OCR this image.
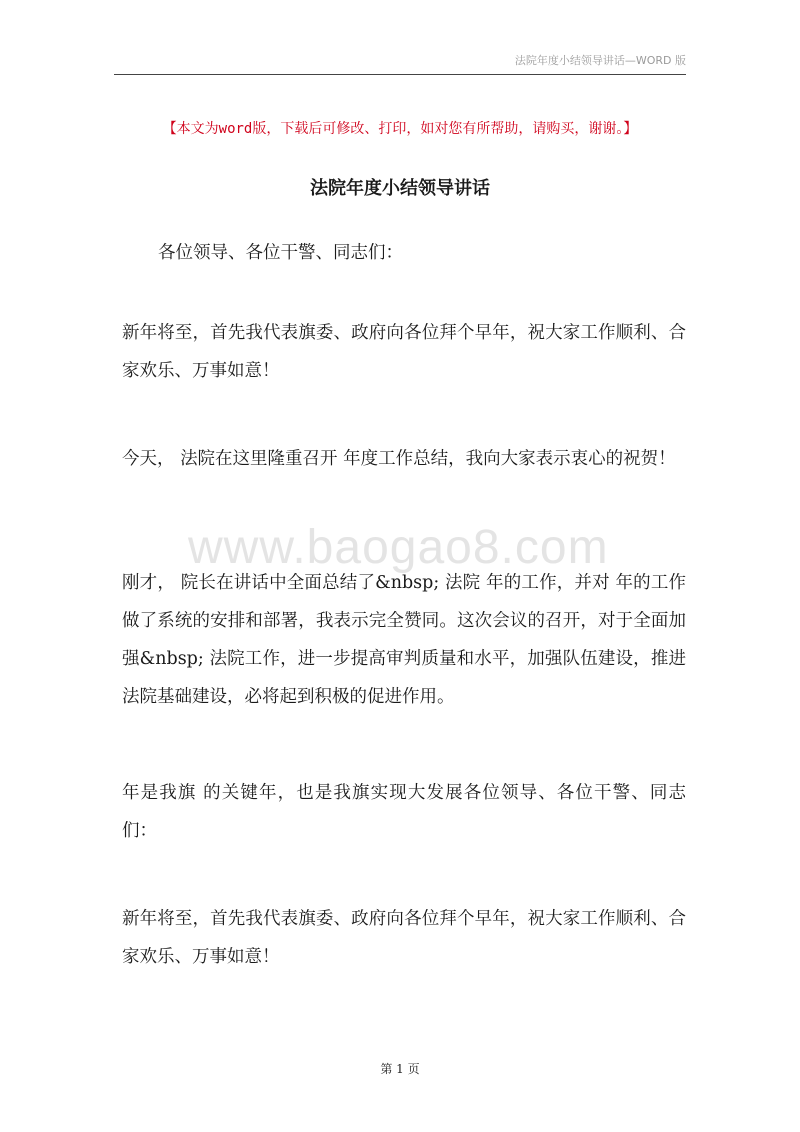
法院年度小结领导讲话—WORD 版
【本文为word版，下载后可修改、打印，如对您有所帮助，请购买，谢谢。】
法院年度小结领导讲话

各位领导、各位干警、同志们：

新年将至，首先我代表旗委、政府向各位拜个早年，祝大家工作顺利、合家欢乐、万事如意！

今天， 法院在这里隆重召开 年度工作总结，我向大家表示衷心的祝贺！

www.baogao8.com

刚才， 院长在讲话中全面总结了&nbsp; 法院 年的工作，并对 年的工作做了系统的安排和部署，我表示完全赞同。这次会议的召开，对于全面加强&nbsp; 法院工作，进一步提高审判质量和水平，加强队伍建设，推进法院基础建设，必将起到积极的促进作用。

年是我旗 的关键年，也是我旗实现大发展各位领导、各位干警、同志们：

新年将至，首先我代表旗委、政府向各位拜个早年，祝大家工作顺利、合家欢乐、万事如意！

第 1 页
